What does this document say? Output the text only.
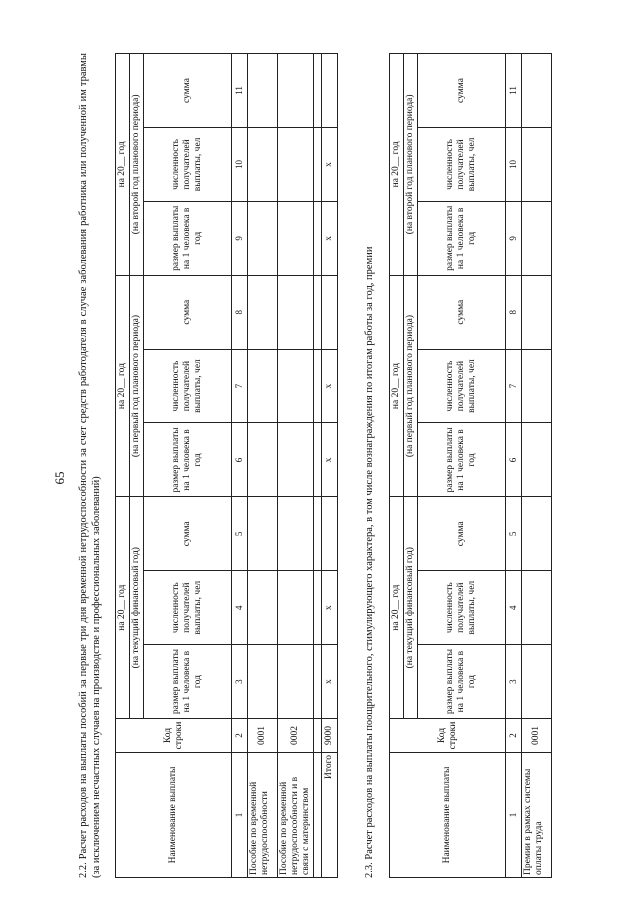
65 2.2. Расчет расходов на выплаты пособий за первые три дня временной нетрудоспособности за счет средств работодателя в случае заболевания работника или полученной им травмы (за исключением несчастных случаев на производстве и профессиональных заболеваний)	Наименование выплаты	Код строки	на 20__ год			на 20__ год			на 20__ год		
		(на текущий финансовый год)			(на первый год планового периода)			(на второй год планового периода)		
		размер выплаты на 1 человека в год	численность получателей выплаты, чел	сумма	размер выплаты на 1 человека в год	численность получателей выплаты, чел	сумма	размер выплаты на 1 человека в год	численность получателей выплаты, чел	сумма
1	2	3	4	5	6	7	8	9	10	11
Пособие по временной нетрудоспособности	0001									
Пособие по временной нетрудоспособности и в связи с материнством	0002									

Итого	9000	х	х		х	х		х	х	
2.3. Расчет расходов на выплаты поощрительного, стимулирующего характера, в том числе вознаграждения по итогам работы за год, премии	Наименование выплаты	Код строки	на 20__ год			на 20__ год			на 20__ год		
		(на текущий финансовый год)			(на первый год планового периода)			(на второй год планового периода)		
		размер выплаты на 1 человека в год	численность получателей выплаты, чел	сумма	размер выплаты на 1 человека в год	численность получателей выплаты, чел	сумма	размер выплаты на 1 человека в год	численность получателей выплаты, чел	сумма
1	2	3	4	5	6	7	8	9	10	11
Премии в рамках системы оплаты труда	0001									
